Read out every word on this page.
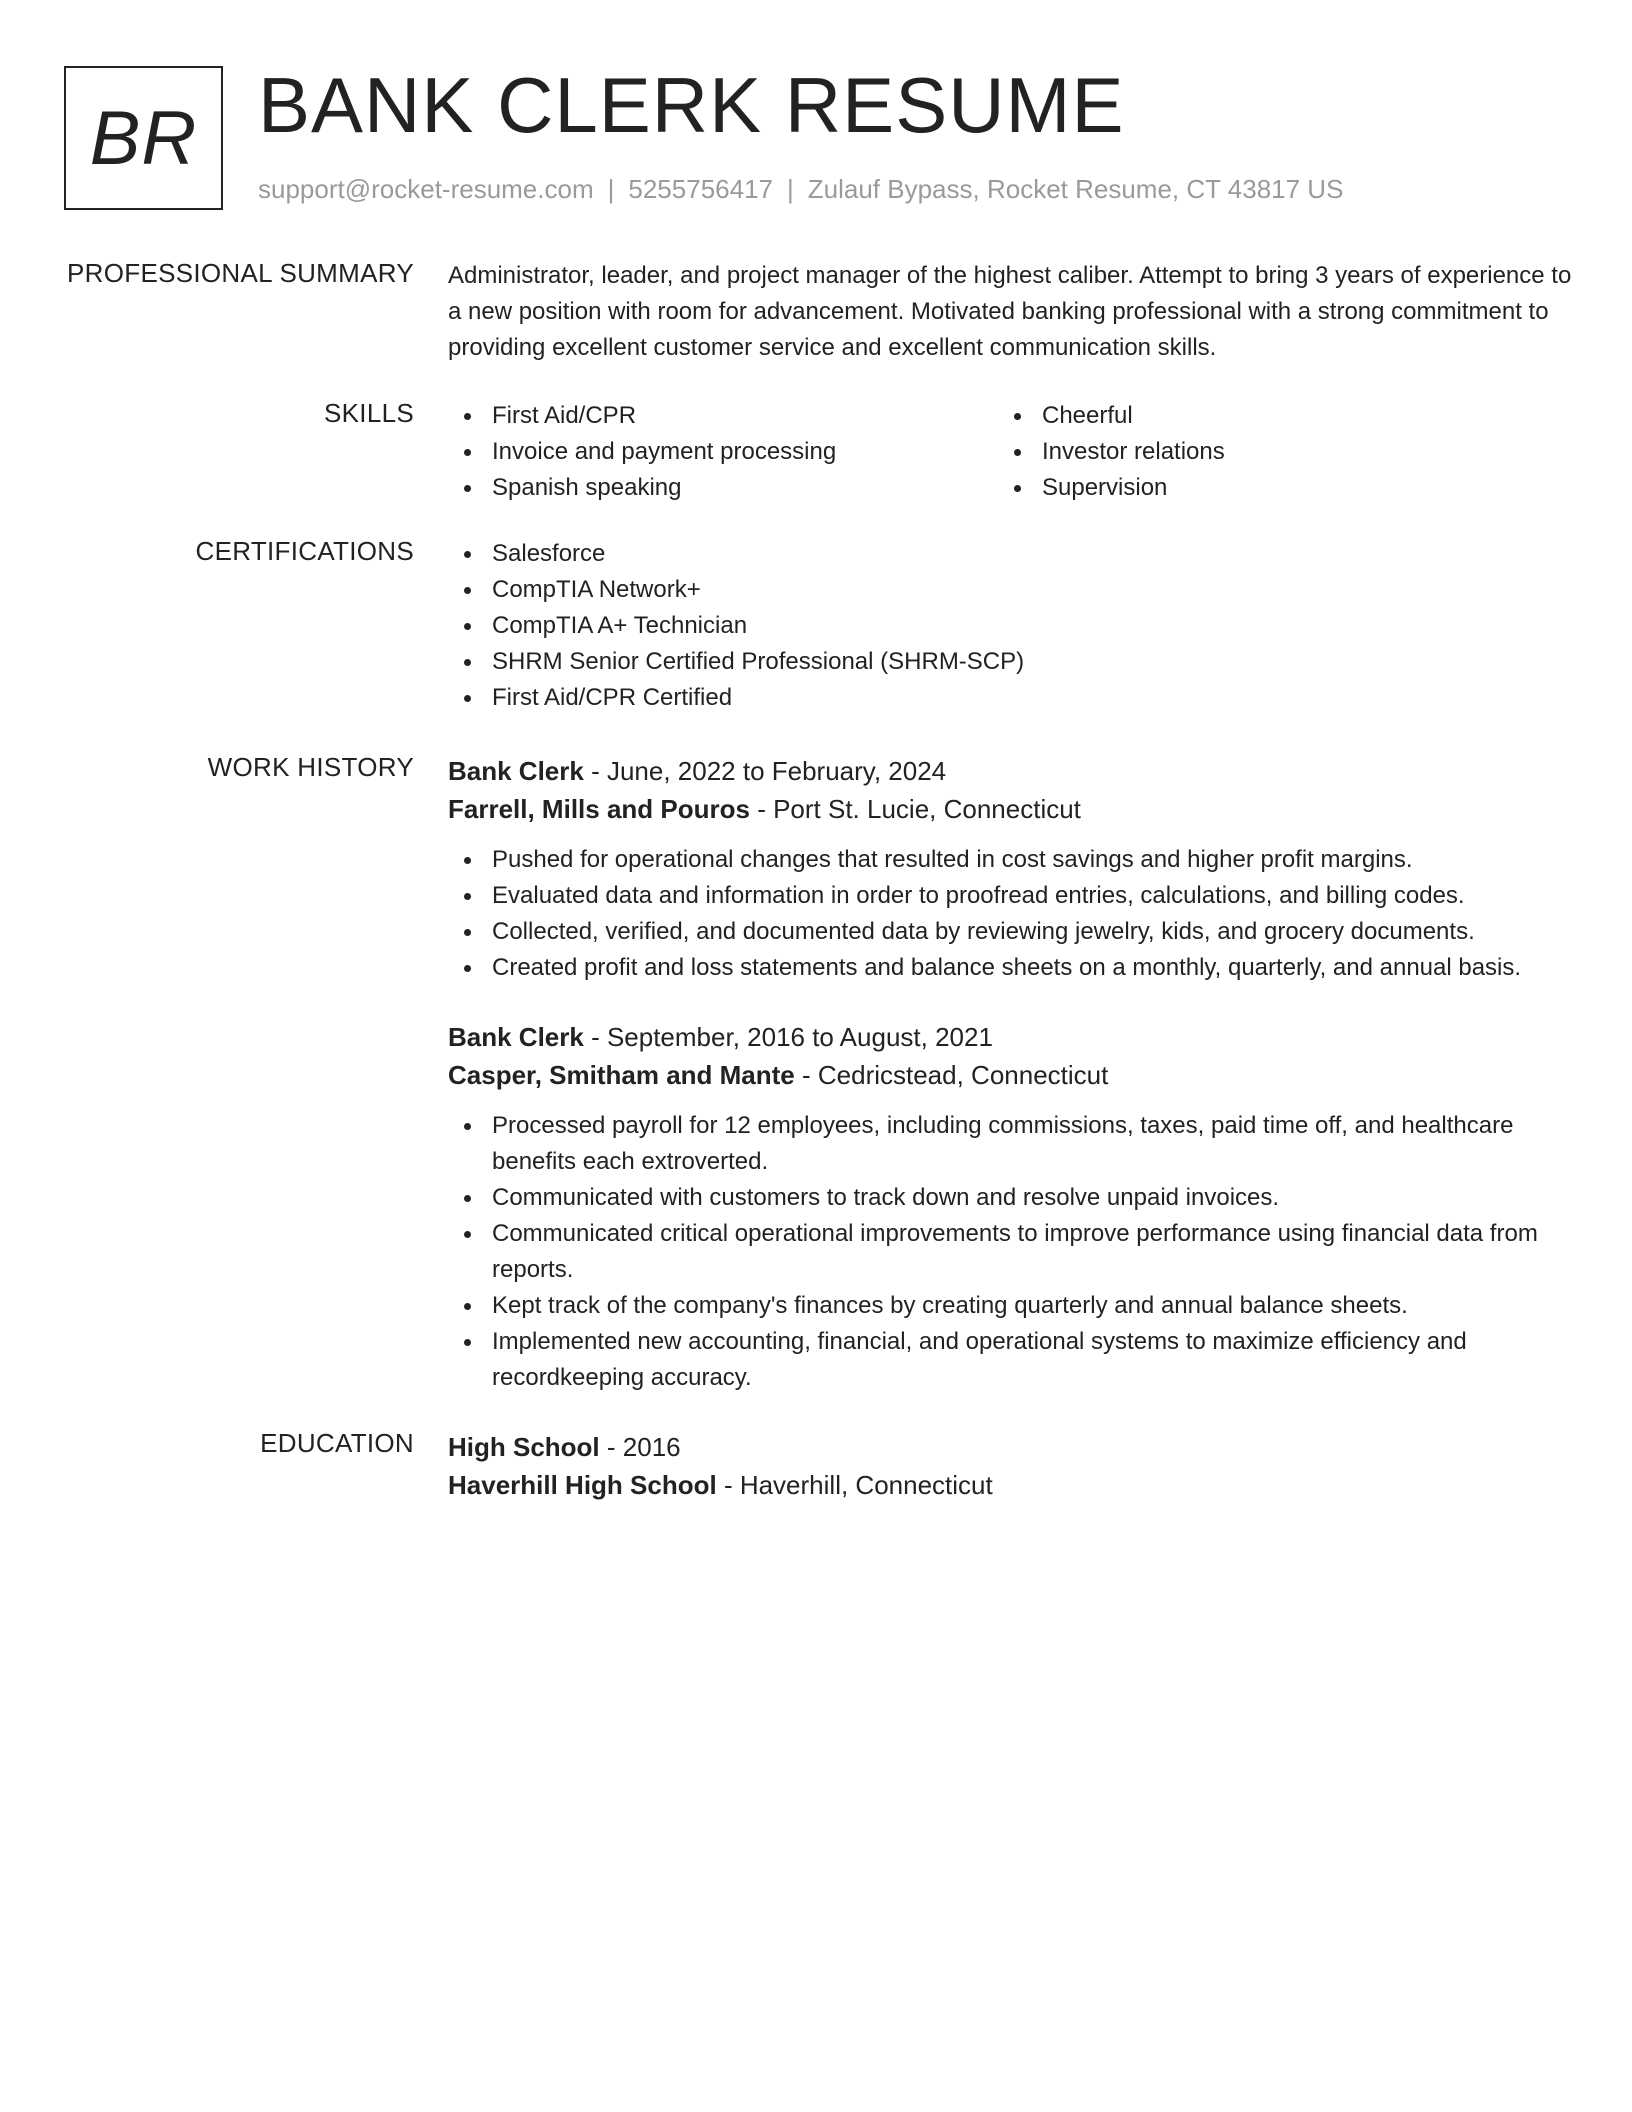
BR BANK CLERK RESUME
support@rocket-resume.com | 5255756417 | Zulauf Bypass, Rocket Resume, CT 43817 US
PROFESSIONAL SUMMARY Administrator, leader, and project manager of the highest caliber. Attempt to bring 3 years of experience to a new position with room for advancement. Motivated banking professional with a strong commitment to providing excellent customer service and excellent communication skills.

SKILLS	First Aid/CPR
Invoice and payment processing
Spanish speaking
Cheerful
Investor relations
Supervision
CERTIFICATIONS	Salesforce
CompTIA Network+
CompTIA A+ Technician
SHRM Senior Certified Professional (SHRM-SCP)
First Aid/CPR Certified
WORK HISTORY Bank Clerk - June, 2022 to February, 2024
Farrell, Mills and Pouros - Port St. Lucie, Connecticut
Pushed for operational changes that resulted in cost savings and higher profit margins.
Evaluated data and information in order to proofread entries, calculations, and billing codes.
Collected, verified, and documented data by reviewing jewelry, kids, and grocery documents.
Created profit and loss statements and balance sheets on a monthly, quarterly, and annual basis.
Bank Clerk - September, 2016 to August, 2021
Casper, Smitham and Mante - Cedricstead, Connecticut
Processed payroll for 12 employees, including commissions, taxes, paid time off, and healthcare benefits each extroverted.
Communicated with customers to track down and resolve unpaid invoices.
Communicated critical operational improvements to improve performance using financial data from reports.
Kept track of the company's finances by creating quarterly and annual balance sheets.
Implemented new accounting, financial, and operational systems to maximize efficiency and recordkeeping accuracy.
EDUCATION High School - 2016
Haverhill High School - Haverhill, Connecticut
